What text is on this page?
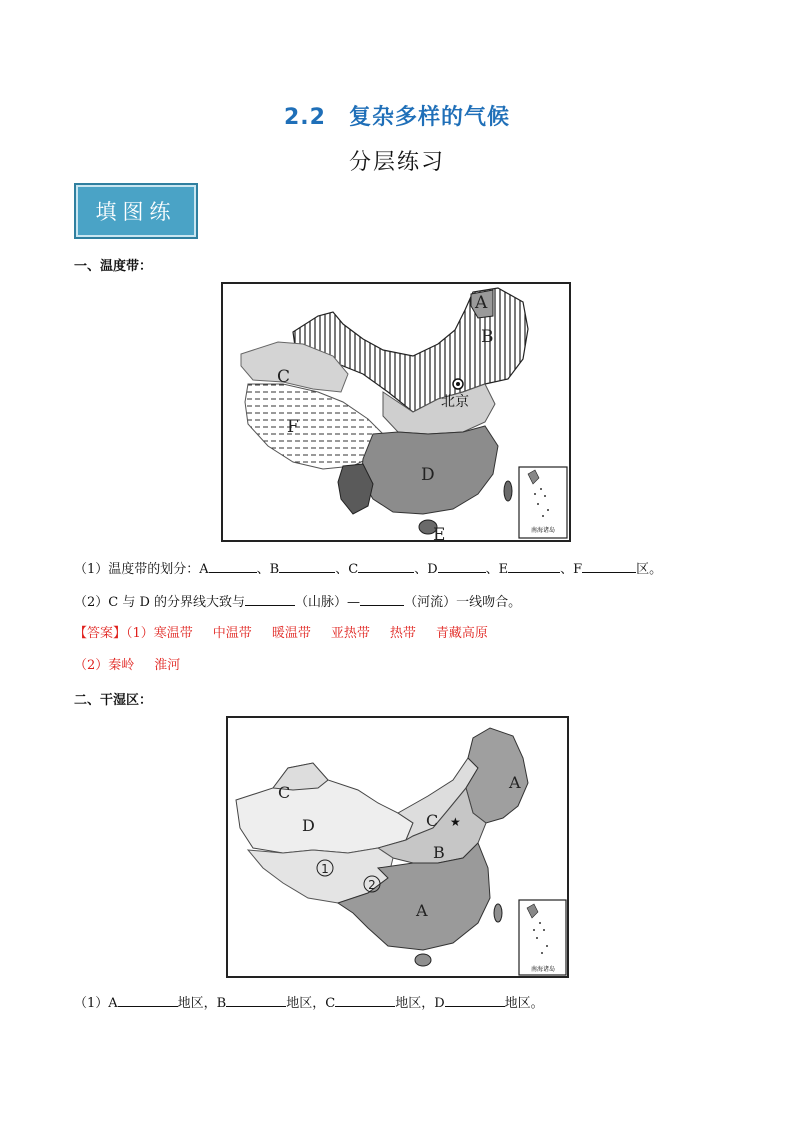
2.2　复杂多样的气候
分层练习
填图练
一、温度带：
南海诸岛
A
B
C
D
E
F
北京
（1）温度带的划分：A	、B	、C	、D	、E	、F	区。
（2）C 与 D 的分界线大致与	（山脉）—	（河流）一线吻合。
【答案】（1）寒温带 中温带 暖温带 亚热带 热带 青藏高原
（2）秦岭 淮河
二、干湿区：
★
南海诸岛
A
A
B
C
C
D
1
2
（1）A	地区，B	地区，C	地区，D	地区。
